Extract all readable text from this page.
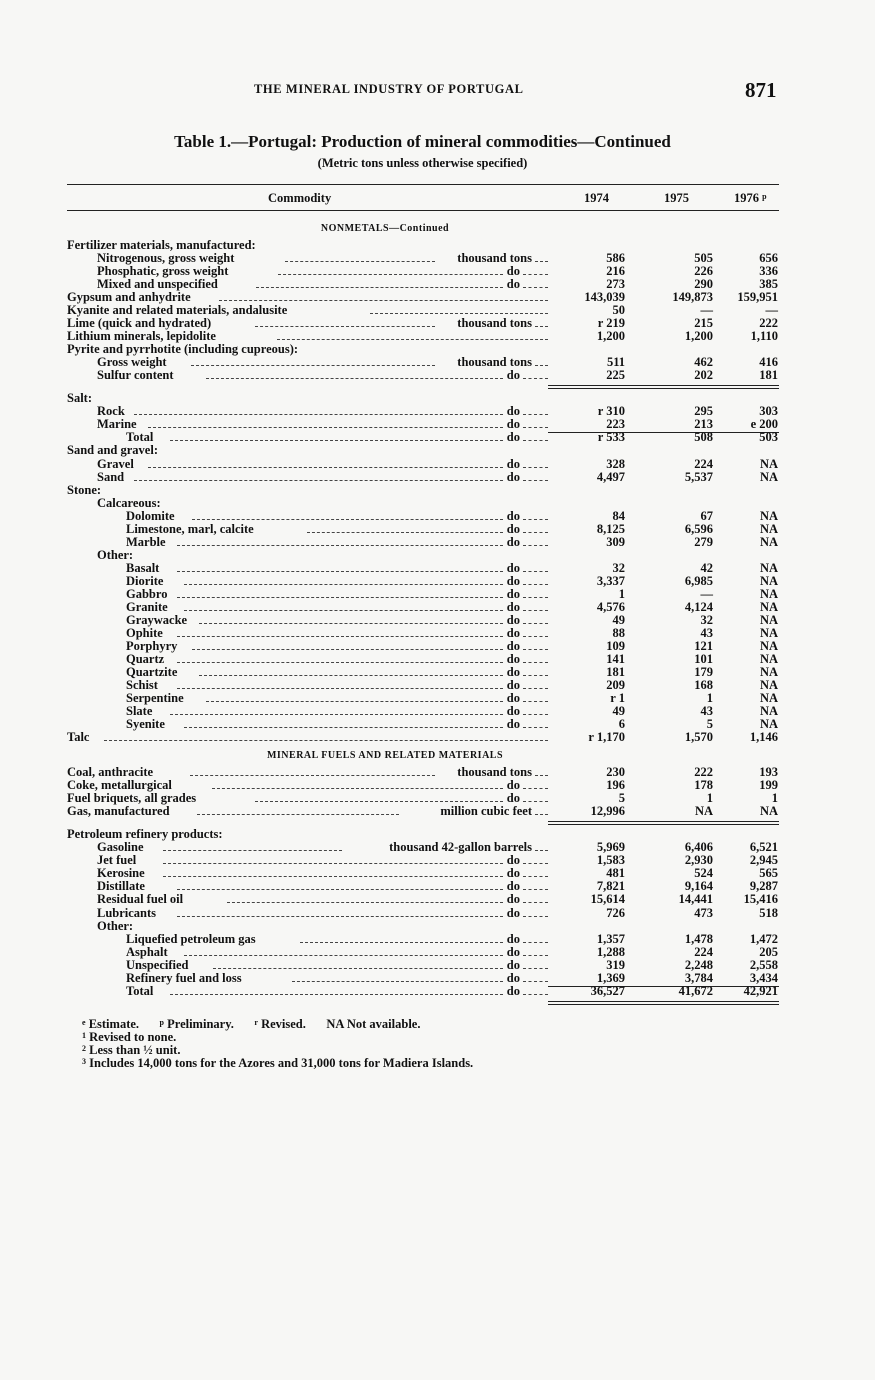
THE MINERAL INDUSTRY OF PORTUGAL	871
Table 1.—Portugal: Production of mineral commodities—Continued
(Metric tons unless otherwise specified)
Commodity	1974	1975	1976 $^p$
NONMETALS—Continued
Fertilizer materials, manufactured:
Nitrogenous, gross weight	thousand tons	586	505	656
Phosphatic, gross weight	do	216	226	336
Mixed and unspecified	do	273	290	385
Gypsum and anhydrite	143,039	149,873	159,951
Kyanite and related materials, andalusite	50	—	—
Lime (quick and hydrated)	thousand tons	r 219	215	222
Lithium minerals, lepidolite	1,200	1,200	1,110
Pyrite and pyrrhotite (including cupreous):
Gross weight	thousand tons	511	462	416
Sulfur content	do	225	202	181
Salt:
Rock	do	r 310	295	303
Marine	do	223	213	e 200
Total	do	r 533	508	503
Sand and gravel:
Gravel	do	328	224	NA
Sand	do	4,497	5,537	NA
Stone:
Calcareous:
Dolomite	do	84	67	NA
Limestone, marl, calcite	do	8,125	6,596	NA
Marble	do	309	279	NA
Other:
Basalt	do	32	42	NA
Diorite	do	3,337	6,985	NA
Gabbro	do	1	—	NA
Granite	do	4,576	4,124	NA
Graywacke	do	49	32	NA
Ophite	do	88	43	NA
Porphyry	do	109	121	NA
Quartz	do	141	101	NA
Quartzite	do	181	179	NA
Schist	do	209	168	NA
Serpentine	do	r 1	1	NA
Slate	do	49	43	NA
Syenite	do	6	5	NA
Talc	r 1,170	1,570	1,146
MINERAL FUELS AND RELATED MATERIALS
Coal, anthracite	thousand tons	230	222	193
Coke, metallurgical	do	196	178	199
Fuel briquets, all grades	do	5	1	1
Gas, manufactured	million cubic feet	12,996	NA	NA
Petroleum refinery products:
Gasoline	thousand 42-gallon barrels	5,969	6,406	6,521
Jet fuel	do	1,583	2,930	2,945
Kerosine	do	481	524	565
Distillate	do	7,821	9,164	9,287
Residual fuel oil	do	15,614	14,441	15,416
Lubricants	do	726	473	518
Other:
Liquefied petroleum gas	do	1,357	1,478	1,472
Asphalt	do	1,288	224	205
Unspecified	do	319	2,248	2,558
Refinery fuel and loss	do	1,369	3,784	3,434
Total	do	36,527	41,672	42,921
$^e$ Estimate.	$^p$ Preliminary.	$^r$ Revised. NA Not available.
$^1$ Revised to none.
$^2$ Less than ½ unit.
$^3$ Includes 14,000 tons for the Azores and 31,000 tons for Madiera Islands.
